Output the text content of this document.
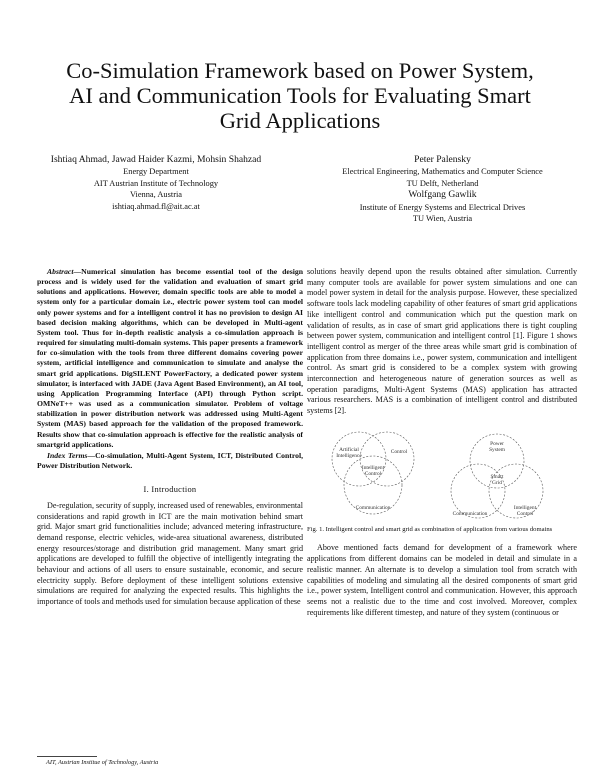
Co-Simulation Framework based on Power System,
AI and Communication Tools for Evaluating Smart
Grid Applications
Ishtiaq Ahmad, Jawad Haider Kazmi, Mohsin Shahzad
Energy Department
AIT Austrian Institute of Technology
Vienna, Austria
ishtiaq.ahmad.fl@ait.ac.at
Peter Palensky
Electrical Engineering, Mathematics and Computer Science
TU Delft, Netherland
Wolfgang Gawlik
Institute of Energy Systems and Electrical Drives
TU Wien, Austria

Abstract—Numerical simulation has become essential tool of the design process and is widely used for the validation and evaluation of smart grid solutions and applications. However, domain specific tools are able to model a system only for a particular domain i.e., electric power system tool can model only power systems and for a intelligent control it has no provision to design AI based decision making algorithms, which can be developed in Multi-agent System tool. Thus for in-depth realistic analysis a co-simulation approach is required for simulating multi-domain systems. This paper presents a framework for co-simulation with the tools from three different domains covering power system, artificial intelligence and communication to simulate and analyse the smart grid applications. DigSILENT PowerFactory, a dedicated power system simulator, is interfaced with JADE (Java Agent Based Environment), an AI tool, using Application Programming Interface (API) through Python script. OMNeT++ was used as a communication simulator. Problem of voltage stabilization in power distribution network was addressed using Multi-Agent System (MAS) based approach for the validation of the proposed framework. Results show that co-simulation approach is effective for the realistic analysis of smartgrid applications.

Index Terms—Co-simulation, Multi-Agent System, ICT, Distributed Control, Power Distribution Network.

I. Introduction

De-regulation, security of supply, increased used of renewables, environmental considerations and rapid growth in ICT are the main motivation behind smart grid. Major smart grid functionalities include; advanced metering infrastructure, demand response, electric vehicles, wide-area situational awareness, distributed energy resources/storage and distribution grid management. Many smart grid applications are developed to fulfill the objective of intelligently integrating the behaviour and actions of all users to ensure sustainable, economic, and secure electricity supply. Before deployment of these intelligent solutions extensive simulations are required for analyzing the expected results. This highlights the importance of tools and methods used for simulation because application of these

solutions heavily depend upon the results obtained after simulation. Currently many computer tools are available for power system simulations and one can model power system in detail for the analysis purpose. However, these specialized software tools lack modeling capability of other features of smart grid applications like intelligent control and communication which put the question mark on validation of results, as in case of smart grid applications there is tight coupling between power system, communication and intelligent control [1]. Figure 1 shows intelligent control as merger of the three areas while smart grid is combination of application from three domains i.e., power system, communication and intelligent control. As smart grid is considered to be a complex system with growing interconnection and heterogeneous nature of generation sources as well as operation paradigms, Multi-Agent Systems (MAS) application has attracted various researchers. MAS is a combination of intelligent control and distributed systems [2].

Artificial
Intelligence
Control
Communication
Intelligent
Control
Power
System
Smart
Grid
Communication
Intelligent
Control
Fig. 1. Intelligent control and smart grid as combination of application from various domains

Above mentioned facts demand for development of a framework where applications from different domains can be modeled in detail and simulate in a realistic manner. An alternate is to develop a simulation tool from scratch with capabilities of modeling and simulating all the desired components of smart grid i.e., power system, Intelligent control and communication. However, this approach seems not a realistic due to the time and cost involved. Moreover, complex requirements like different timestep, and nature of they system (continuous or

AIT, Austrian Institue of Technology, Austria
